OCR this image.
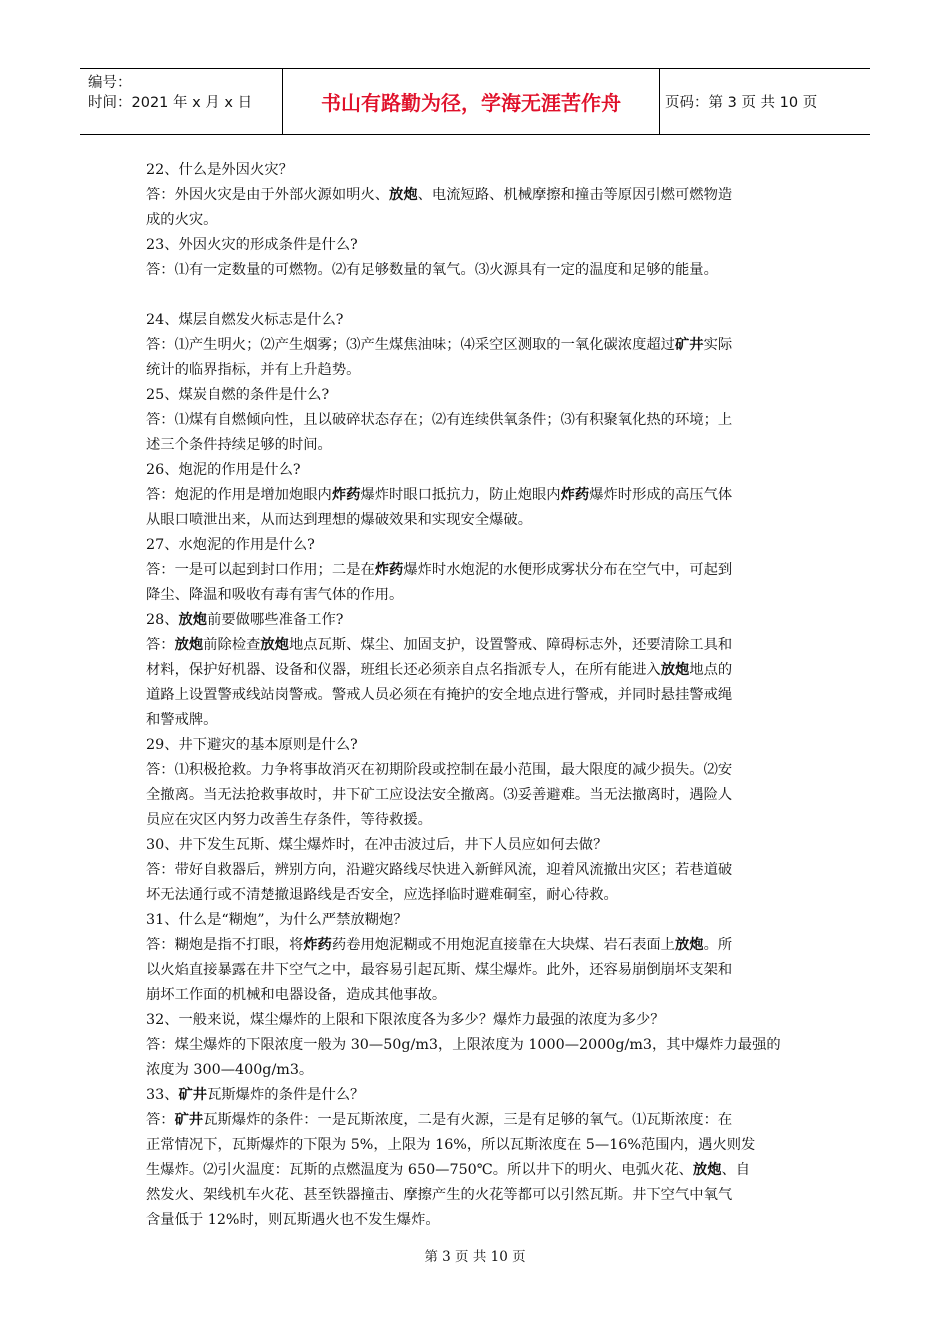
编号：
时间：2021 年 x 月 x 日	书山有路勤为径，学海无涯苦作舟	页码：第 3 页 共 10 页

22、什么是外因火灾？

答：外因火灾是由于外部火源如明火、放炮、电流短路、机械摩擦和撞击等原因引燃可燃物造

成的火灾。

23、外因火灾的形成条件是什么?

答：⑴有一定数量的可燃物。⑵有足够数量的氧气。⑶火源具有一定的温度和足够的能量。

24、煤层自燃发火标志是什么?

答：⑴产生明火；⑵产生烟雾；⑶产生煤焦油味；⑷采空区测取的一氧化碳浓度超过矿井实际

统计的临界指标，并有上升趋势。

25、煤炭自燃的条件是什么?

答：⑴煤有自燃倾向性，且以破碎状态存在；⑵有连续供氧条件；⑶有积聚氧化热的环境；上

述三个条件持续足够的时间。

26、炮泥的作用是什么?

答：炮泥的作用是增加炮眼内炸药爆炸时眼口抵抗力，防止炮眼内炸药爆炸时形成的高压气体

从眼口喷泄出来，从而达到理想的爆破效果和实现安全爆破。

27、水炮泥的作用是什么?

答：一是可以起到封口作用；二是在炸药爆炸时水炮泥的水便形成雾状分布在空气中，可起到

降尘、降温和吸收有毒有害气体的作用。

28、放炮前要做哪些准备工作?

答：放炮前除检查放炮地点瓦斯、煤尘、加固支护，设置警戒、障碍标志外，还要清除工具和

材料，保护好机器、设备和仪器，班组长还必须亲自点名指派专人，在所有能进入放炮地点的

道路上设置警戒线站岗警戒。警戒人员必须在有掩护的安全地点进行警戒，并同时悬挂警戒绳

和警戒牌。

29、井下避灾的基本原则是什么?

答：⑴积极抢救。力争将事故消灭在初期阶段或控制在最小范围，最大限度的减少损失。⑵安

全撤离。当无法抢救事故时，井下矿工应设法安全撤离。⑶妥善避难。当无法撤离时，遇险人

员应在灾区内努力改善生存条件，等待救援。

30、井下发生瓦斯、煤尘爆炸时，在冲击波过后，井下人员应如何去做？

答：带好自救器后，辨别方向，沿避灾路线尽快进入新鲜风流，迎着风流撤出灾区；若巷道破

坏无法通行或不清楚撤退路线是否安全，应选择临时避难硐室，耐心待救。

31、什么是“糊炮”，为什么严禁放糊炮？

答：糊炮是指不打眼，将炸药药卷用炮泥糊或不用炮泥直接靠在大块煤、岩石表面上放炮。所

以火焰直接暴露在井下空气之中，最容易引起瓦斯、煤尘爆炸。此外，还容易崩倒崩坏支架和

崩坏工作面的机械和电器设备，造成其他事故。

32、一般来说，煤尘爆炸的上限和下限浓度各为多少？爆炸力最强的浓度为多少？

答：煤尘爆炸的下限浓度一般为 30—50g/m3，上限浓度为 1000—2000g/m3，其中爆炸力最强的

浓度为 300—400g/m3。

33、矿井瓦斯爆炸的条件是什么？

答：矿井瓦斯爆炸的条件：一是瓦斯浓度，二是有火源，三是有足够的氧气。⑴瓦斯浓度：在

正常情况下，瓦斯爆炸的下限为 5%，上限为 16%，所以瓦斯浓度在 5—16%范围内，遇火则发

生爆炸。⑵引火温度：瓦斯的点燃温度为 650—750℃。所以井下的明火、电弧火花、放炮、自

然发火、架线机车火花、甚至铁器撞击、摩擦产生的火花等都可以引然瓦斯。井下空气中氧气

含量低于 12%时，则瓦斯遇火也不发生爆炸。

第 3 页 共 10 页
